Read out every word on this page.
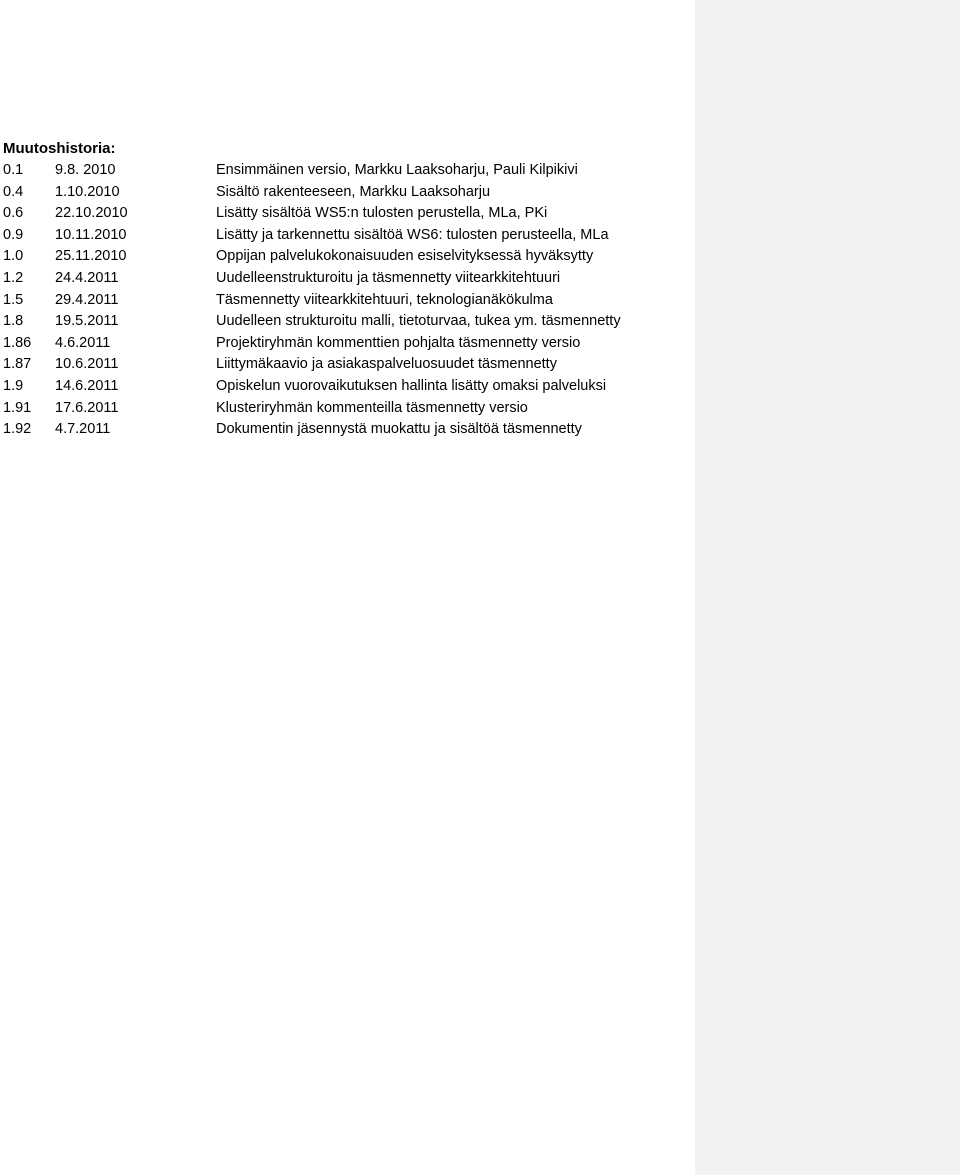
Muutoshistoria:
0.1 9.8. 2010	Ensimmäinen versio, Markku Laaksoharju, Pauli Kilpikivi
0.4 1.10.2010	Sisältö rakenteeseen, Markku Laaksoharju
0.6 22.10.2010	Lisätty sisältöä WS5:n tulosten perustella, MLa, PKi
0.9 10.11.2010	Lisätty ja tarkennettu sisältöä WS6: tulosten perusteella, MLa
1.0 25.11.2010	Oppijan palvelukokonaisuuden esiselvityksessä hyväksytty
1.2 24.4.2011	Uudelleenstrukturoitu ja täsmennetty viitearkkitehtuuri
1.5 29.4.2011	Täsmennetty viitearkkitehtuuri, teknologianäkökulma
1.8 19.5.2011	Uudelleen strukturoitu malli, tietoturvaa, tukea ym. täsmennetty
1.86 4.6.2011	Projektiryhmän kommenttien pohjalta täsmennetty versio
1.87 10.6.2011	Liittymäkaavio ja asiakaspalveluosuudet täsmennetty
1.9 14.6.2011	Opiskelun vuorovaikutuksen hallinta lisätty omaksi palveluksi
1.91 17.6.2011	Klusteriryhmän kommenteilla täsmennetty versio
1.92 4.7.2011	Dokumentin jäsennystä muokattu ja sisältöä täsmennetty
